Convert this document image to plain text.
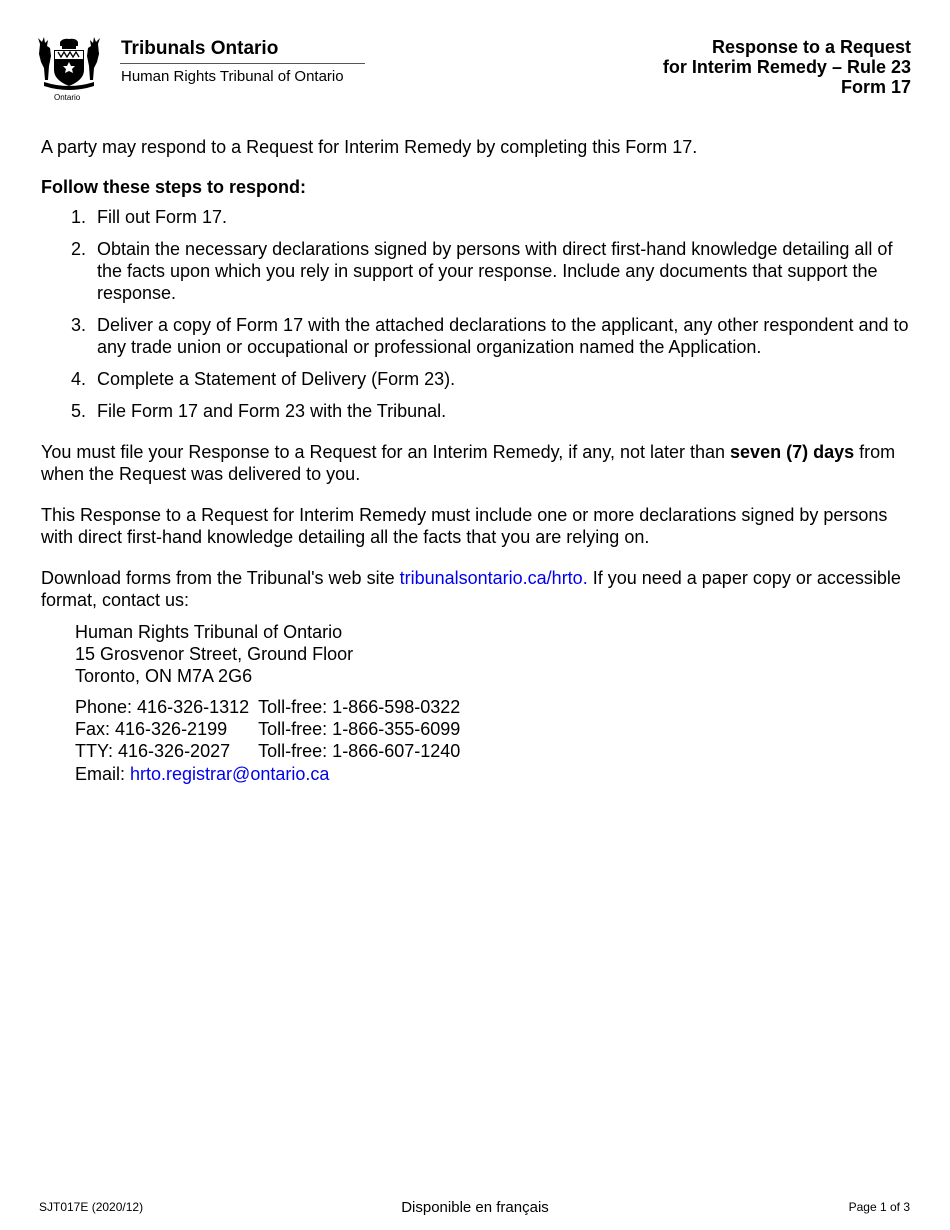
Ontario
Tribunals Ontario
Human Rights Tribunal of Ontario
Response to a Request
for Interim Remedy – Rule 23
Form 17

A party may respond to a Request for Interim Remedy by completing this Form 17.

Follow these steps to respond:

1. Fill out Form 17.
2. Obtain the necessary declarations signed by persons with direct first-hand knowledge detailing all of the facts upon which you rely in support of your response. Include any documents that support the response.
3. Deliver a copy of Form 17 with the attached declarations to the applicant, any other respondent and to any trade union or occupational or professional organization named the Application.
4. Complete a Statement of Delivery (Form 23).
5. File Form 17 and Form 23 with the Tribunal.

You must file your Response to a Request for an Interim Remedy, if any, not later than seven (7) days from when the Request was delivered to you.

This Response to a Request for Interim Remedy must include one or more declarations signed by persons with direct first-hand knowledge detailing all the facts that you are relying on.

Download forms from the Tribunal's web site tribunalsontario.ca/hrto. If you need a paper copy or accessible format, contact us:

Human Rights Tribunal of Ontario
15 Grosvenor Street, Ground Floor
Toronto, ON M7A 2G6
Phone: 416-326-1312	Toll-free: 1-866-598-0322
Fax: 416-326-2199	Toll-free: 1-866-355-6099
TTY: 416-326-2027	Toll-free: 1-866-607-1240
Email: hrto.registrar@ontario.ca
SJT017E (2020/12)	Disponible en français	Page 1 of 3
